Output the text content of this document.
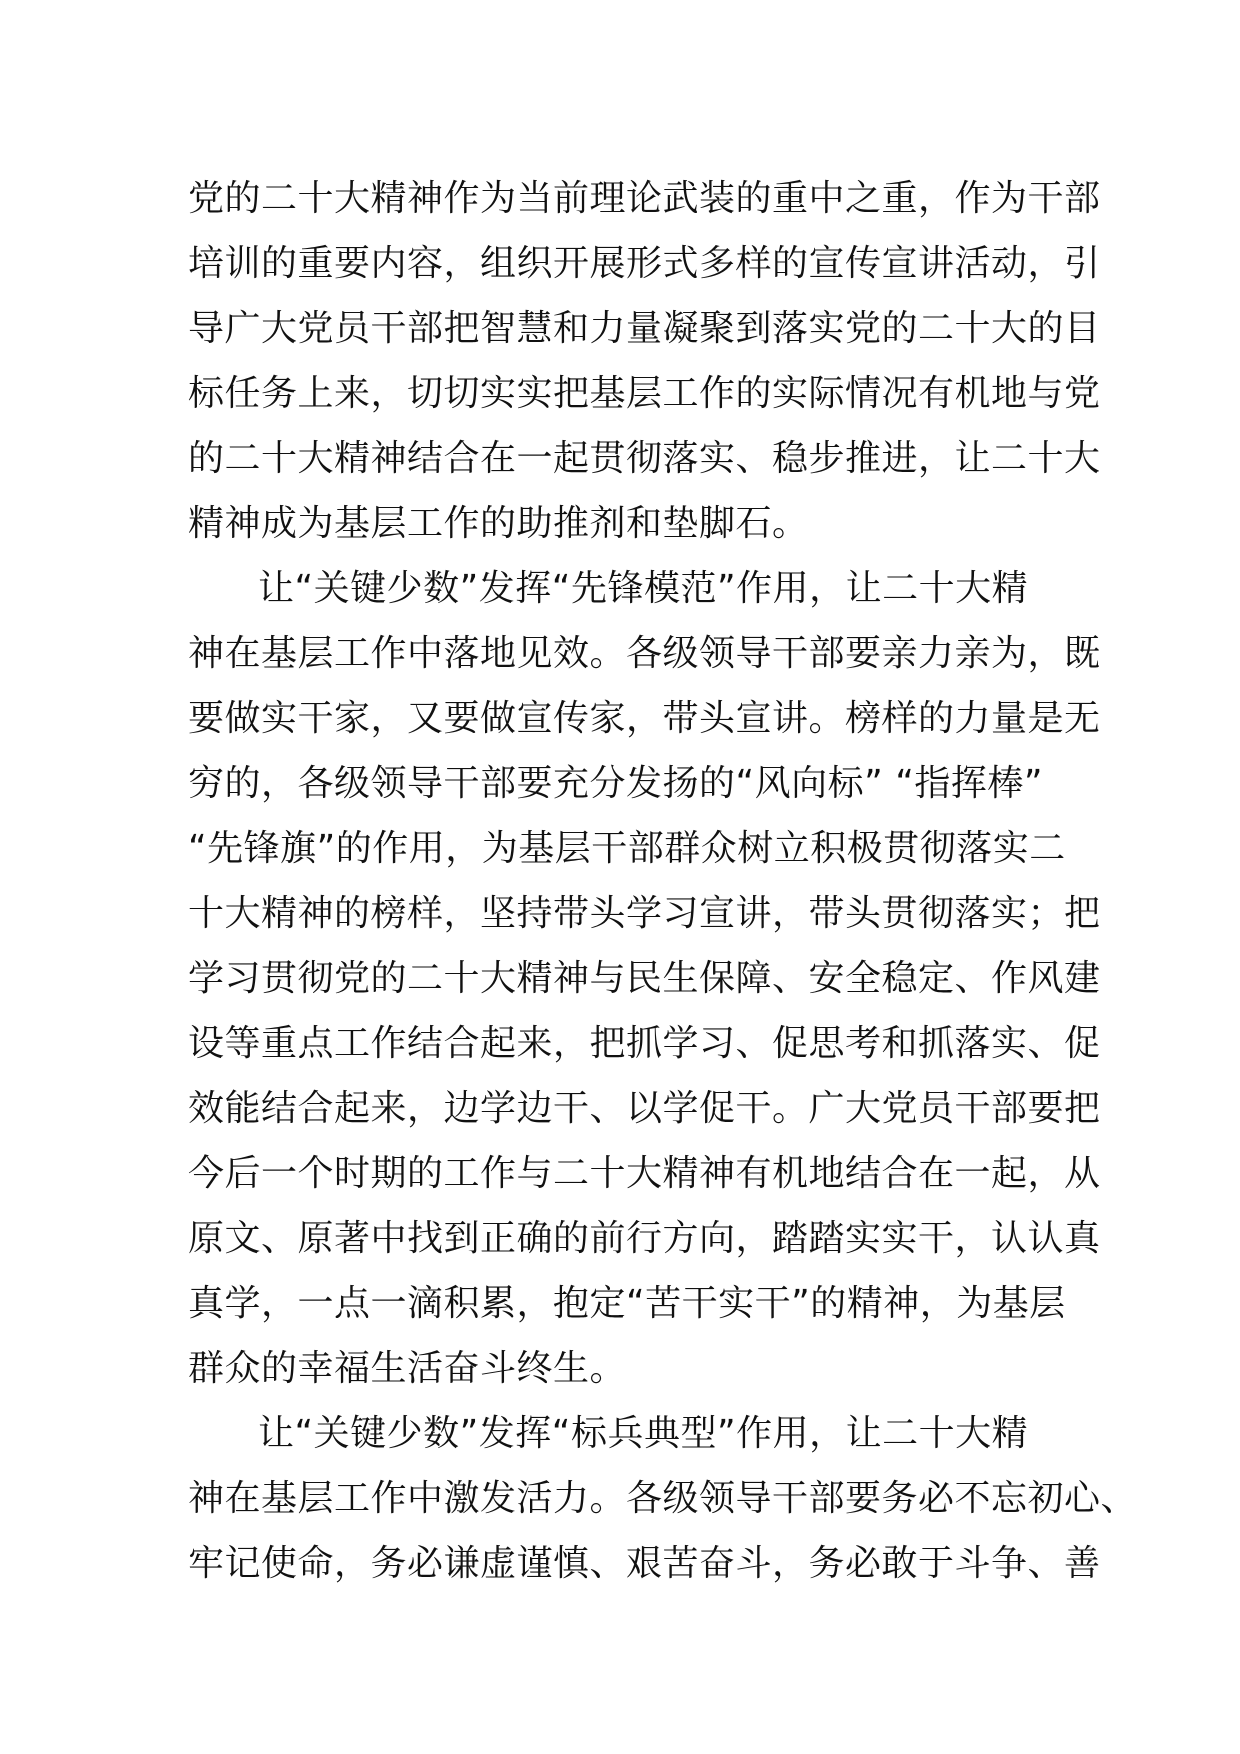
党的二十大精神作为当前理论武装的重中之重，作为干部
培训的重要内容，组织开展形式多样的宣传宣讲活动，引
导广大党员干部把智慧和力量凝聚到落实党的二十大的目
标任务上来，切切实实把基层工作的实际情况有机地与党
的二十大精神结合在一起贯彻落实、稳步推进，让二十大
精神成为基层工作的助推剂和垫脚石。
让“关键少数”发挥“先锋模范”作用，让二十大精
神在基层工作中落地见效。各级领导干部要亲力亲为，既
要做实干家，又要做宣传家，带头宣讲。榜样的力量是无
穷的，各级领导干部要充分发扬的“风向标” “指挥棒”
“先锋旗”的作用，为基层干部群众树立积极贯彻落实二
十大精神的榜样，坚持带头学习宣讲，带头贯彻落实；把
学习贯彻党的二十大精神与民生保障、安全稳定、作风建
设等重点工作结合起来，把抓学习、促思考和抓落实、促
效能结合起来，边学边干、以学促干。广大党员干部要把
今后一个时期的工作与二十大精神有机地结合在一起，从
原文、原著中找到正确的前行方向，踏踏实实干，认认真
真学，一点一滴积累，抱定“苦干实干”的精神，为基层
群众的幸福生活奋斗终生。
让“关键少数”发挥“标兵典型”作用，让二十大精
神在基层工作中激发活力。各级领导干部要务必不忘初心、
牢记使命，务必谦虚谨慎、艰苦奋斗，务必敢于斗争、善
